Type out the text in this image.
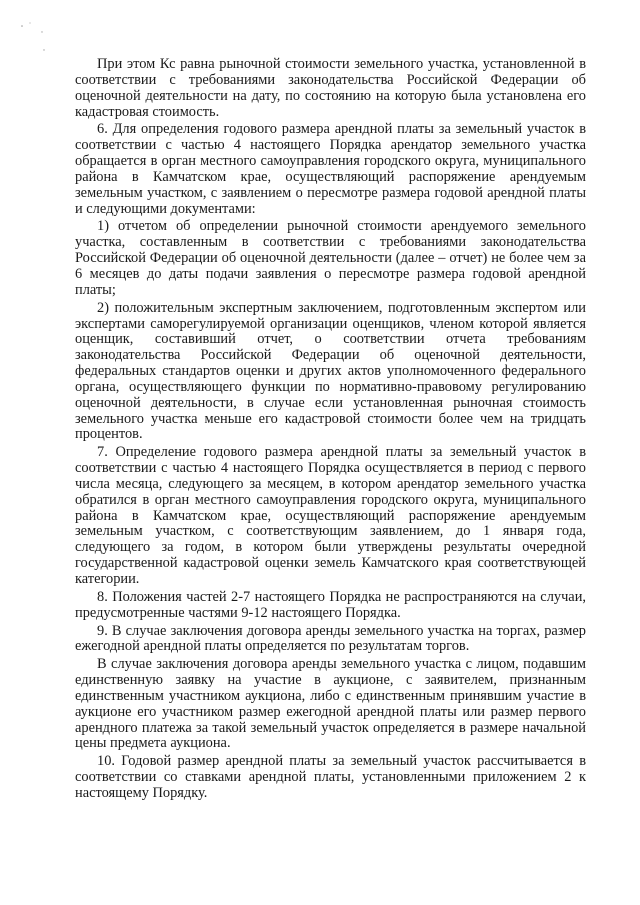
При этом Кс равна рыночной стоимости земельного участка, установленной в соответствии с требованиями законодательства Российской Федерации об оценочной деятельности на дату, по состоянию на которую была установлена его кадастровая стоимость.

6. Для определения годового размера арендной платы за земельный участок в соответствии с частью 4 настоящего Порядка арендатор земельного участка обращается в орган местного самоуправления городского округа, муниципального района в Камчатском крае, осуществляющий распоряжение арендуемым земельным участком, с заявлением о пересмотре размера годовой арендной платы и следующими документами:

1) отчетом об определении рыночной стоимости арендуемого земельного участка, составленным в соответствии с требованиями законодательства Российской Федерации об оценочной деятельности (далее – отчет) не более чем за 6 месяцев до даты подачи заявления о пересмотре размера годовой арендной платы;

2) положительным экспертным заключением, подготовленным экспертом или экспертами саморегулируемой организации оценщиков, членом которой является оценщик, составивший отчет, о соответствии отчета требованиям законодательства Российской Федерации об оценочной деятельности, федеральных стандартов оценки и других актов уполномоченного федерального органа, осуществляющего функции по нормативно-правовому регулированию оценочной деятельности, в случае если установленная рыночная стоимость земельного участка меньше его кадастровой стоимости более чем на тридцать процентов.

7. Определение годового размера арендной платы за земельный участок в соответствии с частью 4 настоящего Порядка осуществляется в период с первого числа месяца, следующего за месяцем, в котором арендатор земельного участка обратился в орган местного самоуправления городского округа, муниципального района в Камчатском крае, осуществляющий распоряжение арендуемым земельным участком, с соответствующим заявлением, до 1 января года, следующего за годом, в котором были утверждены результаты очередной государственной кадастровой оценки земель Камчатского края соответствующей категории.

8. Положения частей 2-7 настоящего Порядка не распространяются на случаи, предусмотренные частями 9-12 настоящего Порядка.

9. В случае заключения договора аренды земельного участка на торгах, размер ежегодной арендной платы определяется по результатам торгов.

В случае заключения договора аренды земельного участка с лицом, подавшим единственную заявку на участие в аукционе, с заявителем, признанным единственным участником аукциона, либо с единственным принявшим участие в аукционе его участником размер ежегодной арендной платы или размер первого арендного платежа за такой земельный участок определяется в размере начальной цены предмета аукциона.

10. Годовой размер арендной платы за земельный участок рассчитывается в соответствии со ставками арендной платы, установленными приложением 2 к настоящему Порядку.
